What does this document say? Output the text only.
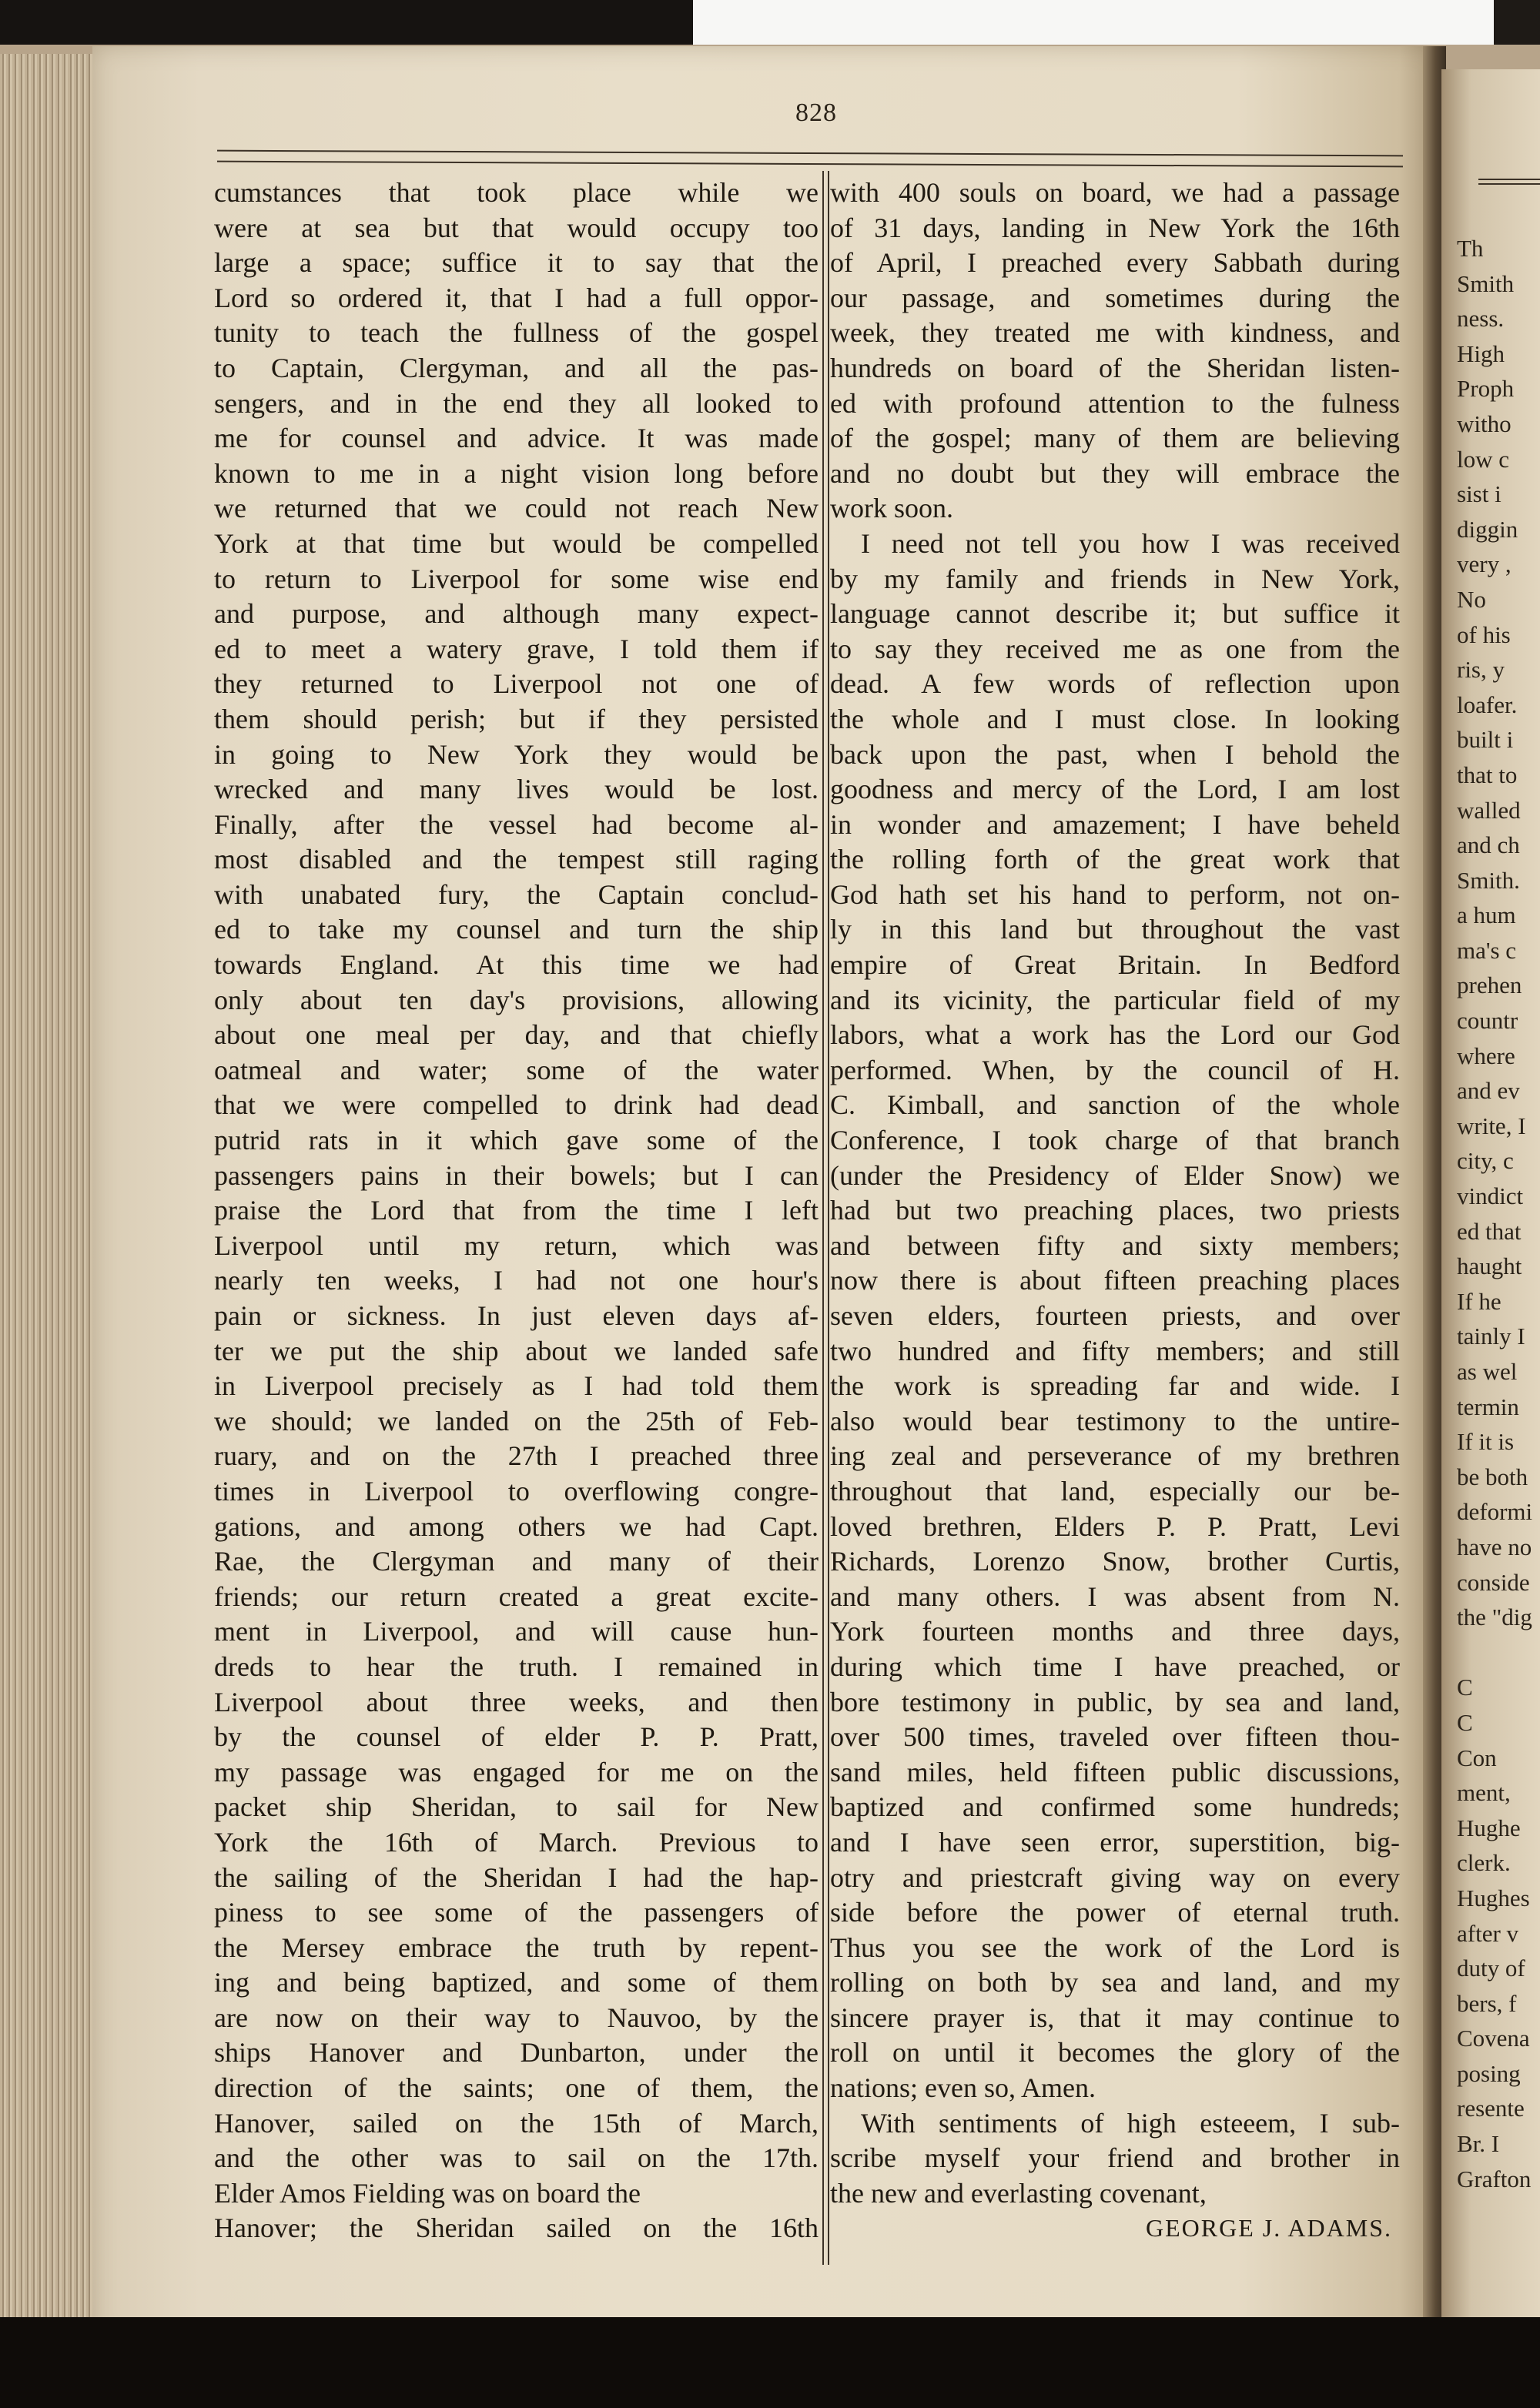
828
cumstances that took place while we
were at sea but that would occupy too
large a space; suffice it to say that the
Lord so ordered it, that I had a full oppor-
tunity to teach the fullness of the gospel
to Captain, Clergyman, and all the pas-
sengers, and in the end they all looked to
me for counsel and advice. It was made
known to me in a night vision long before
we returned that we could not reach New
York at that time but would be compelled
to return to Liverpool for some wise end
and purpose, and although many expect-
ed to meet a watery grave, I told them if
they returned to Liverpool not one of
them should perish; but if they persisted
in going to New York they would be
wrecked and many lives would be lost.
Finally, after the vessel had become al-
most disabled and the tempest still raging
with unabated fury, the Captain conclud-
ed to take my counsel and turn the ship
towards England. At this time we had
only about ten day's provisions, allowing
about one meal per day, and that chiefly
oatmeal and water; some of the water
that we were compelled to drink had dead
putrid rats in it which gave some of the
passengers pains in their bowels; but I can
praise the Lord that from the time I left
Liverpool until my return, which was
nearly ten weeks, I had not one hour's
pain or sickness. In just eleven days af-
ter we put the ship about we landed safe
in Liverpool precisely as I had told them
we should; we landed on the 25th of Feb-
ruary, and on the 27th I preached three
times in Liverpool to overflowing congre-
gations, and among others we had Capt.
Rae, the Clergyman and many of their
friends; our return created a great excite-
ment in Liverpool, and will cause hun-
dreds to hear the truth. I remained in
Liverpool about three weeks, and then
by the counsel of elder P. P. Pratt,
my passage was engaged for me on the
packet ship Sheridan, to sail for New
York the 16th of March. Previous to
the sailing of the Sheridan I had the hap-
piness to see some of the passengers of
the Mersey embrace the truth by repent-
ing and being baptized, and some of them
are now on their way to Nauvoo, by the
ships Hanover and Dunbarton, under the
direction of the saints; one of them, the
Hanover, sailed on the 15th of March,
and the other was to sail on the 17th.
Elder Amos Fielding was on board the
Hanover; the Sheridan sailed on the 16th
with 400 souls on board, we had a passage
of 31 days, landing in New York the 16th
of April, I preached every Sabbath during
our passage, and sometimes during the
week, they treated me with kindness, and
hundreds on board of the Sheridan listen-
ed with profound attention to the fulness
of the gospel; many of them are believing
and no doubt but they will embrace the
work soon.
I need not tell you how I was received
by my family and friends in New York,
language cannot describe it; but suffice it
to say they received me as one from the
dead. A few words of reflection upon
the whole and I must close. In looking
back upon the past, when I behold the
goodness and mercy of the Lord, I am lost
in wonder and amazement; I have beheld
the rolling forth of the great work that
God hath set his hand to perform, not on-
ly in this land but throughout the vast
empire of Great Britain. In Bedford
and its vicinity, the particular field of my
labors, what a work has the Lord our God
performed. When, by the council of H.
C. Kimball, and sanction of the whole
Conference, I took charge of that branch
(under the Presidency of Elder Snow) we
had but two preaching places, two priests
and between fifty and sixty members;
now there is about fifteen preaching places
seven elders, fourteen priests, and over
two hundred and fifty members; and still
the work is spreading far and wide. I
also would bear testimony to the untire-
ing zeal and perseverance of my brethren
throughout that land, especially our be-
loved brethren, Elders P. P. Pratt, Levi
Richards, Lorenzo Snow, brother Curtis,
and many others. I was absent from N.
York fourteen months and three days,
during which time I have preached, or
bore testimony in public, by sea and land,
over 500 times, traveled over fifteen thou-
sand miles, held fifteen public discussions,
baptized and confirmed some hundreds;
and I have seen error, superstition, big-
otry and priestcraft giving way on every
side before the power of eternal truth.
Thus you see the work of the Lord is
rolling on both by sea and land, and my
sincere prayer is, that it may continue to
roll on until it becomes the glory of the
nations; even so, Amen.
With sentiments of high esteeem, I sub-
scribe myself your friend and brother in
the new and everlasting covenant,
GEORGE J. ADAMS.
Th
Smith
ness.
High
Proph
witho
low c
sist i
diggin
very ,
No
of his
ris, y
loafer.
built i
that to
walled
and ch
Smith.
a hum
ma's c
prehen
countr
where
and ev
write, I
city, c
vindict
ed that
haught
If he
tainly I
as wel
termin
If it is
be both
deformi
have no
conside
the "dig

C
C
Con
ment,
Hughe
clerk.
Hughes
after v
duty of
bers, f
Covena
posing
resente
Br. I
Grafton
